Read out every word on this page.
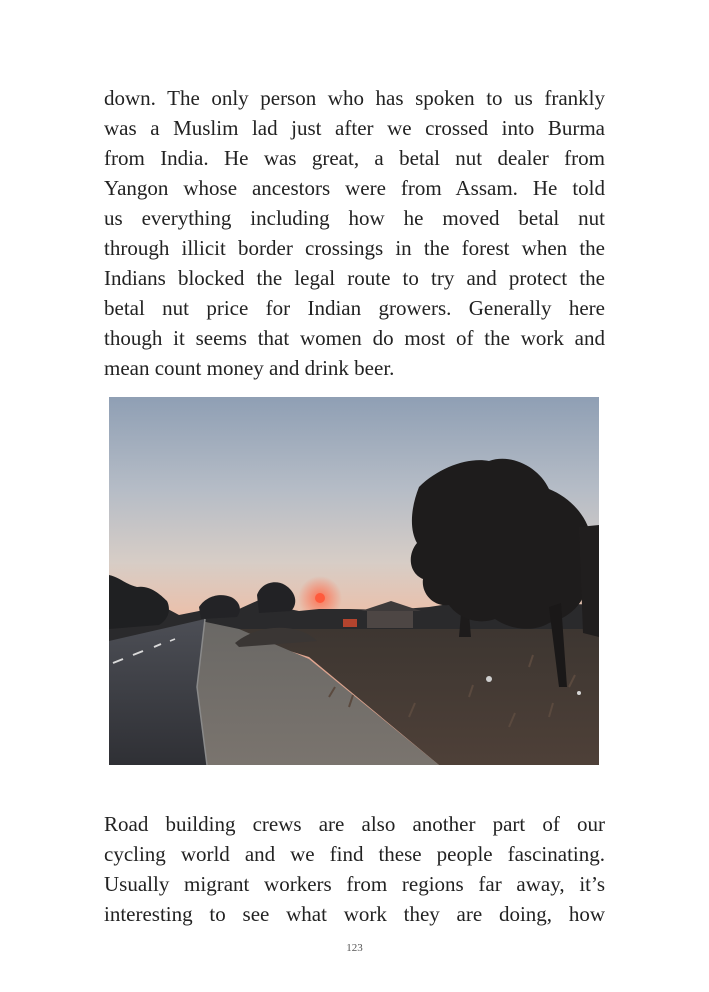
down. The only person who has spoken to us frankly
was a Muslim lad just after we crossed into Burma
from India. He was great, a betal nut dealer from
Yangon whose ancestors were from Assam. He told
us everything including how he moved betal nut
through illicit border crossings in the forest when the
Indians blocked the legal route to try and protect the
betal nut price for Indian growers. Generally here
though it seems that women do most of the work and
mean count money and drink beer.
Road building crews are also another part of our
cycling world and we find these people fascinating.
Usually migrant workers from regions far away, it’s
interesting to see what work they are doing, how
123
